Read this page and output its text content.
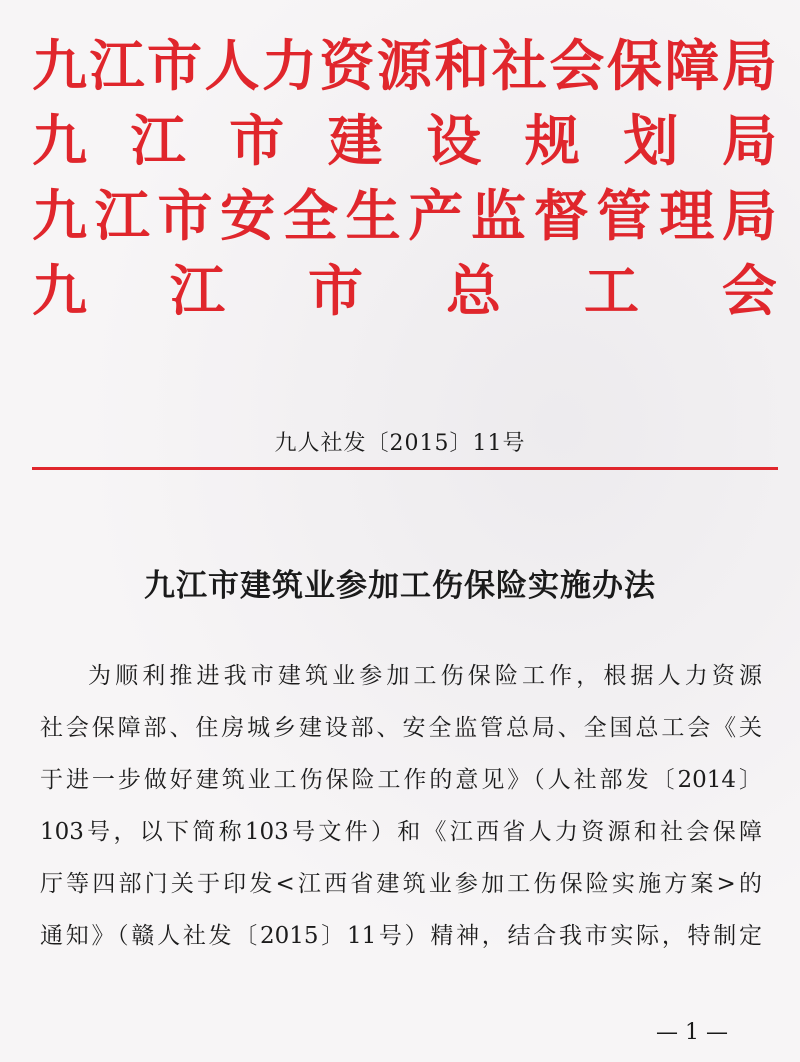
九 江 市 人 力 资 源 和 社 会 保 障 局
九 江 市 建 设 规 划 局
九 江 市 安 全 生 产 监 督 管 理 局
九 江 市 总 工 会
九人社发〔2015〕11号
九江市建筑业参加工伤保险实施办法
为顺利推进我市建筑业参加工伤保险工作，根据人力资源
社会保障部、住房城乡建设部、安全监管总局、全国总工会《关
于进一步做好建筑业工伤保险工作的意见》（人社部发〔2014〕
103号，以下简称103号文件）和《江西省人力资源和社会保障
厅等四部门关于印发<江西省建筑业参加工伤保险实施方案>的
通知》（赣人社发〔2015〕11号）精神，结合我市实际，特制定
— 1 —
